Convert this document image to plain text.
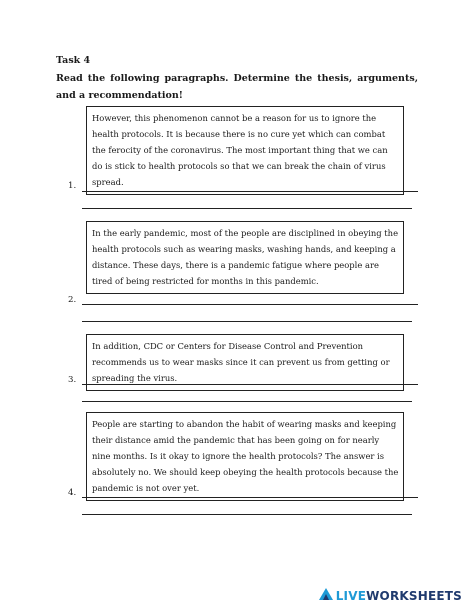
Task 4

Read the following paragraphs. Determine the thesis, arguments, and a recommendation!

However, this phenomenon cannot be a reason for us to ignore the health protocols. It is because there is no cure yet which can combat the ferocity of the coronavirus. The most important thing that we can do is stick to health protocols so that we can break the chain of virus spread.
1.
In the early pandemic, most of the people are disciplined in obeying the health protocols such as wearing masks, washing hands, and keeping a distance. These days, there is a pandemic fatigue where people are tired of being restricted for months in this pandemic.
2.
In addition, CDC or Centers for Disease Control and Prevention recommends us to wear masks since it can prevent us from getting or spreading the virus.
3.
People are starting to abandon the habit of wearing masks and keeping their distance amid the pandemic that has been going on for nearly nine months. Is it okay to ignore the health protocols? The answer is absolutely no. We should keep obeying the health protocols because the pandemic is not over yet.
4.
LIVEWORKSHEETS
